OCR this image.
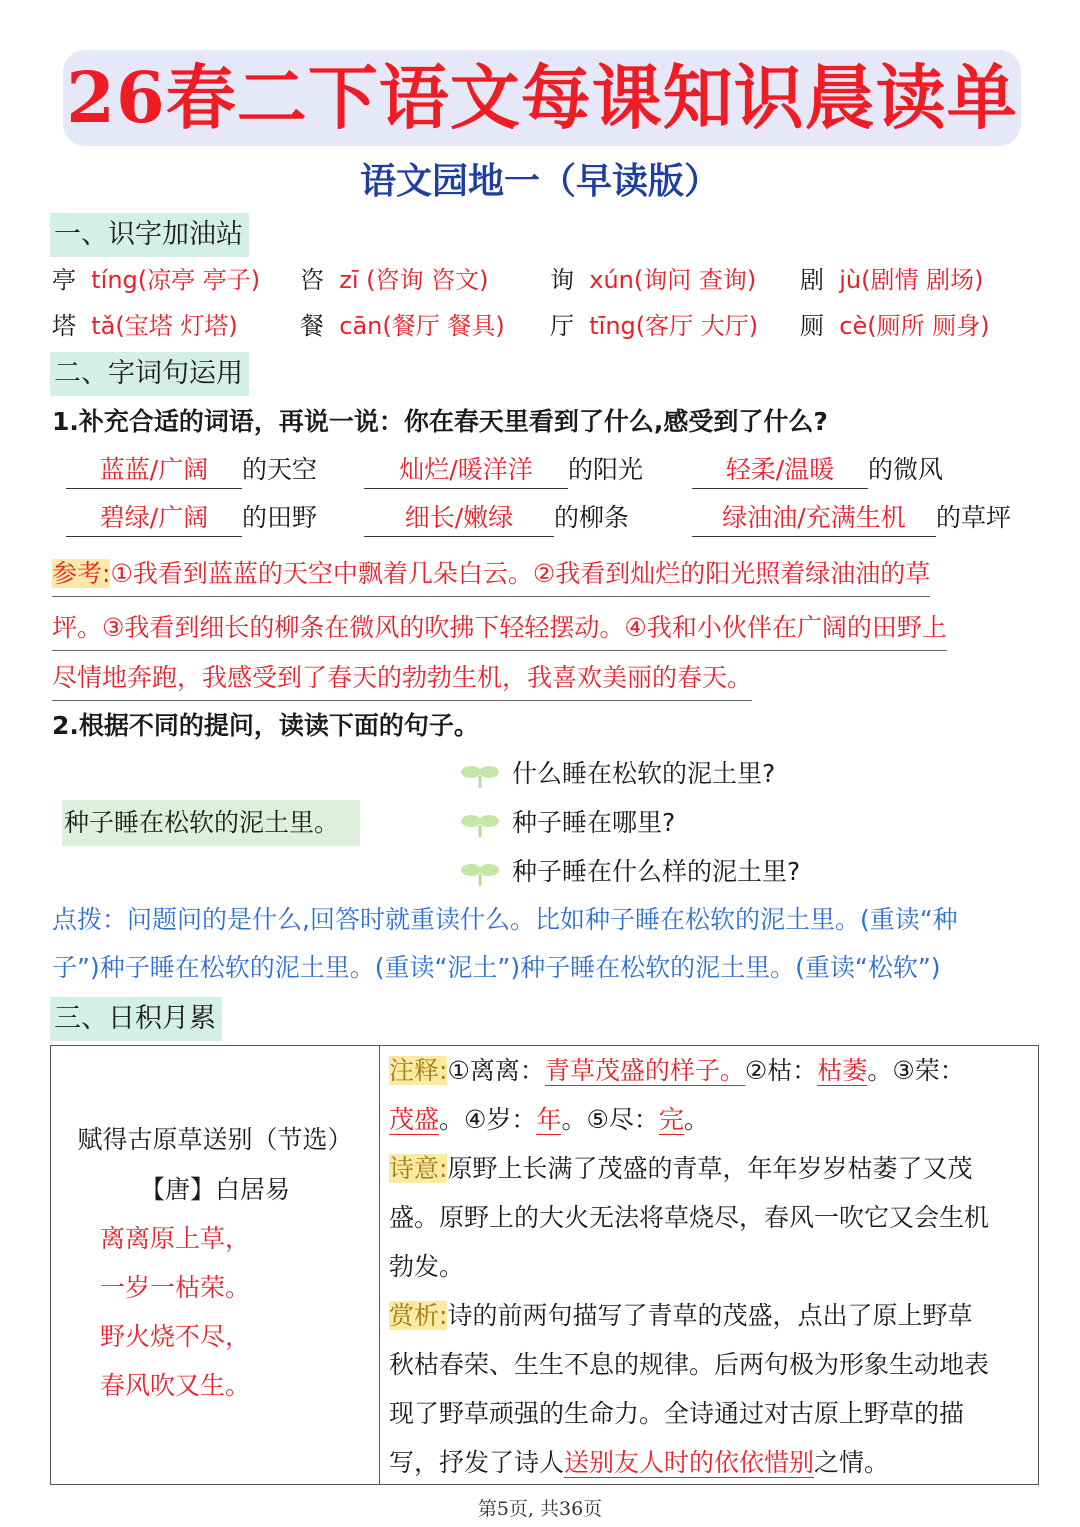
26春二下语文每课知识晨读单
语文园地一（早读版）
一、识字加油站
亭 tíng(凉亭 亭子) 咨 zī (咨询 咨文)	询 xún(询问 查询) 剧 jù(剧情 剧场)
塔 tǎ(宝塔 灯塔)	餐 cān(餐厅 餐具) 厅 tīng(客厅 大厅) 厕 cè(厕所 厕身)
二、字词句运用
1.补充合适的词语，再说一说：你在春天里看到了什么,感受到了什么?
蓝蓝/广阔 的天空	灿烂/暖洋洋 的阳光	轻柔/温暖 的微风
碧绿/广阔 的田野	细长/嫩绿 的柳条	绿油油/充满生机 的草坪
参考:①我看到蓝蓝的天空中飘着几朵白云。②我看到灿烂的阳光照着绿油油的草
坪。③我看到细长的柳条在微风的吹拂下轻轻摆动。④我和小伙伴在广阔的田野上
尽情地奔跑，我感受到了春天的勃勃生机，我喜欢美丽的春天。
2.根据不同的提问，读读下面的句子。
种子睡在松软的泥土里。
什么睡在松软的泥土里?
种子睡在哪里?
种子睡在什么样的泥土里?
点拨：问题问的是什么,回答时就重读什么。比如种子睡在松软的泥土里。(重读“种
子”)种子睡在松软的泥土里。(重读“泥土”)种子睡在松软的泥土里。(重读“松软”)
三、日积月累
赋得古原草送别（节选）
【唐】白居易
离离原上草，
一岁一枯荣。
野火烧不尽，
春风吹又生。

注释:①离离：青草茂盛的样子。②枯：枯萎。③荣：
茂盛。④岁：年。⑤尽：完。
诗意:原野上长满了茂盛的青草，年年岁岁枯萎了又茂
盛。原野上的大火无法将草烧尽，春风一吹它又会生机
勃发。
赏析:诗的前两句描写了青草的茂盛，点出了原上野草
秋枯春荣、生生不息的规律。后两句极为形象生动地表
现了野草顽强的生命力。全诗通过对古原上野草的描
写，抒发了诗人送别友人时的依依惜别之情。
第5页, 共36页
